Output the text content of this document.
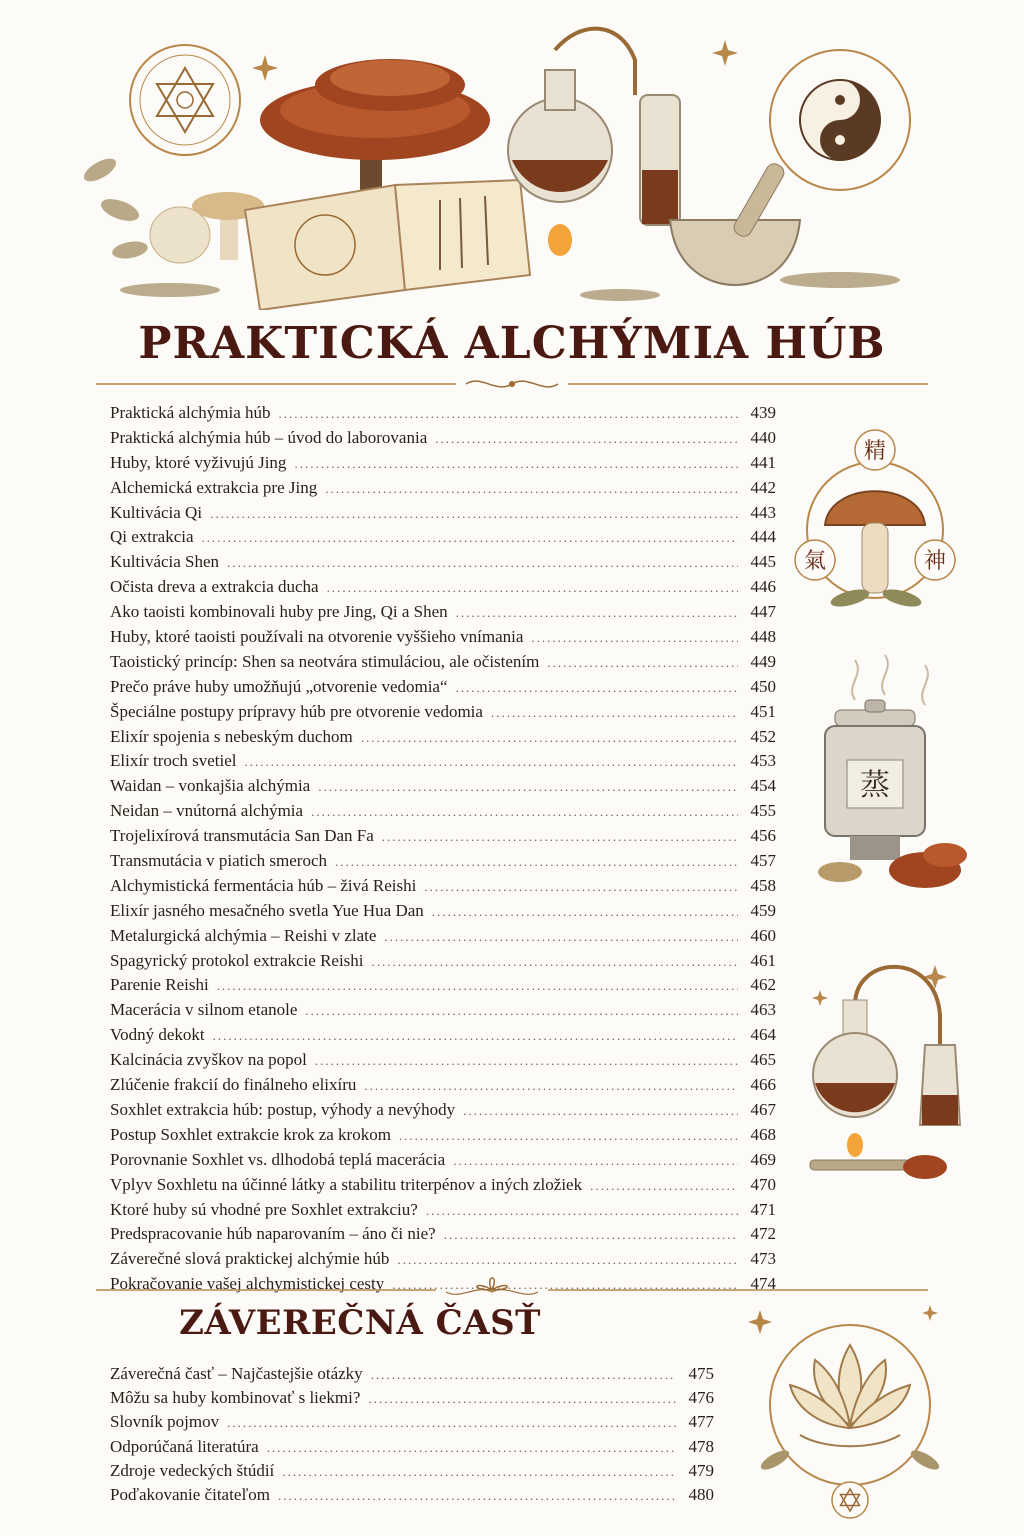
PRAKTICKÁ ALCHÝMIA HÚB
Praktická alchýmia húb .....	439
Praktická alchýmia húb – úvod do laborovania .....	440
Huby, ktoré vyživujú Jing .....	441
Alchemická extrakcia pre Jing .....	442
Kultivácia Qi .....	443
Qi extrakcia .....	444
Kultivácia Shen .....	445
Očista dreva a extrakcia ducha .....	446
Ako taoisti kombinovali huby pre Jing, Qi a Shen .....	447
Huby, ktoré taoisti používali na otvorenie vyššieho vnímania .....	448
Taoistický princíp: Shen sa neotvára stimuláciou, ale očistením .....	449
Prečo práve huby umožňujú „otvorenie vedomia“ .....	450
Špeciálne postupy prípravy húb pre otvorenie vedomia .....	451
Elixír spojenia s nebeským duchom .....	452
Elixír troch svetiel .....	453
Waidan – vonkajšia alchýmia .....	454
Neidan – vnútorná alchýmia .....	455
Trojelixírová transmutácia San Dan Fa .....	456
Transmutácia v piatich smeroch .....	457
Alchymistická fermentácia húb – živá Reishi .....	458
Elixír jasného mesačného svetla Yue Hua Dan .....	459
Metalurgická alchýmia – Reishi v zlate .....	460
Spagyrický protokol extrakcie Reishi .....	461
Parenie Reishi .....	462
Macerácia v silnom etanole .....	463
Vodný dekokt .....	464
Kalcinácia zvyškov na popol .....	465
Zlúčenie frakcií do finálneho elixíru .....	466
Soxhlet extrakcia húb: postup, výhody a nevýhody .....	467
Postup Soxhlet extrakcie krok za krokom .....	468
Porovnanie Soxhlet vs. dlhodobá teplá macerácia .....	469
Vplyv Soxhletu na účinné látky a stabilitu triterpénov a iných zložiek .....	470
Ktoré huby sú vhodné pre Soxhlet extrakciu? .....	471
Predspracovanie húb naparovaním – áno či nie? .....	472
Záverečné slová praktickej alchýmie húb .....	473
Pokračovanie vašej alchymistickej cesty .....	474
精
氣	神
蒸
ZÁVEREČNÁ ČASŤ
Záverečná časť – Najčastejšie otázky .....	475
Môžu sa huby kombinovať s liekmi? .....	476
Slovník pojmov .....	477
Odporúčaná literatúra .....	478
Zdroje vedeckých štúdií .....	479
Poďakovanie čitateľom .....	480
